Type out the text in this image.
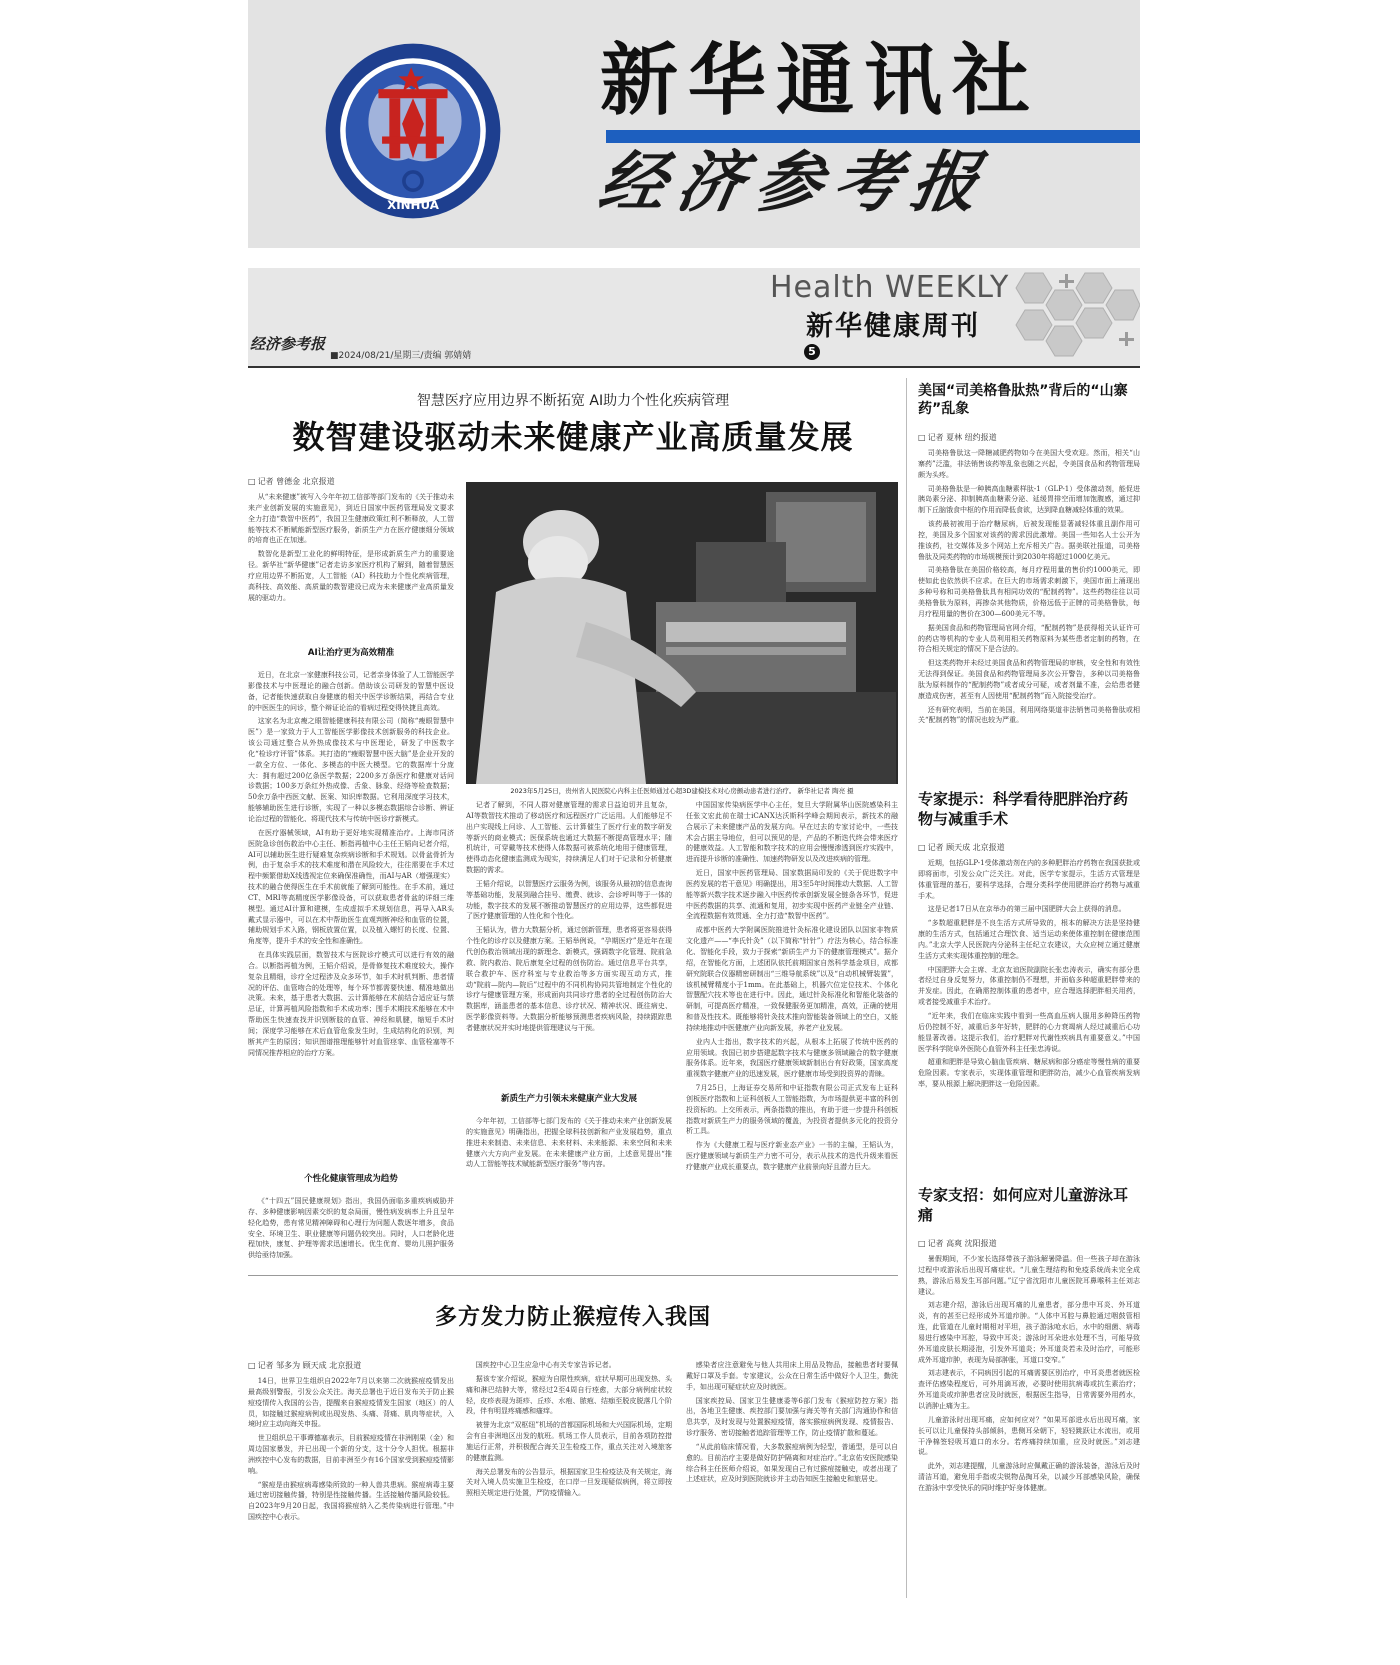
XINHUA
新华通讯社
经济参考报
Health WEEKLY
新华健康周刊
5
经济参考报
■2024/08/21/星期三/责编 郭婧婧
智慧医疗应用边界不断拓宽 AI助力个性化疾病管理
数智建设驱动未来健康产业高质量发展
□ 记者 曾德金 北京报道

从“未来健康”被写入今年年初工信部等部门发布的《关于推动未来产业创新发展的实施意见》，到近日国家中医药管理局发文要求全力打造“数智中医药”，我国卫生健康政策红利不断释放，人工智能等技术不断赋能新型医疗服务，新质生产力在医疗健康细分领域的培育也正在加速。

数智化是新型工业化的鲜明特征，是形成新质生产力的重要途径。新华社“新华健康”记者走访多家医疗机构了解到，随着智慧医疗应用边界不断拓宽，人工智能（AI）科技助力个性化疾病管理，高科技、高效能、高质量的数智建设已成为未来健康产业高质量发展的驱动力。

AI让治疗更为高效精准

近日，在北京一家健康科技公司，记者亲身体验了人工智能医学影像技术与中医理论的融合创新。借助该公司研发的智慧中医设备，记者能快速获取自身健康的相关中医学诊断结果，再结合专业的中医医生的问诊，整个辩证论治的看病过程变得快捷且高效。

这家名为北京瘦之眼智能健康科技有限公司（简称“瘦眼智慧中医”）是一家致力于人工智能医学影像技术创新服务的科技企业。该公司通过整合从外热成像技术与中医理论，研发了中医数字化“检诊疗评管”体系。其打造的“瘦眼智慧中医大脑”是企业开发的一款全方位、一体化、多模态的中医大模型。它的数据库十分庞大：拥有超过200亿条医学数据；2200多万条医疗和健康对话问诊数据；100多万条红外热成像、舌象、脉象、经络等检查数据；50余万条中西医文献、医案、知识库数据。它利用深度学习技术，能够辅助医生进行诊断，实现了一种以多模态数据综合诊断、辨证论治过程的智能化、将现代技术与传统中医诊疗新模式。

在医疗器械领域，AI有助于更好地实现精准治疗。上海市同济医院急诊创伤救治中心主任、断指再植中心主任王韬向记者介绍，AI可以辅助医生进行疑难复杂疾病诊断和手术规划。以骨盆骨折为例，由于复杂手术的技术难度和潜在风险较大，往往需要在手术过程中频繁借助X线透视定位来确保准确性，而AI与AR（增强现实）技术的融合使得医生在手术前就能了解到可能性。在手术前，通过CT、MRI等高精度医学影像设备，可以获取患者骨盆的详细三维模型。通过AI计算和建模，生成虚拟手术规划信息，再导入AR头戴式显示器中，可以在术中帮助医生直观判断神经和血管的位置，辅助规划手术入路，钢板放置位置，以及植入螺钉的长度、位置、角度等，提升手术的安全性和准确性。

在具体实践层面，数智技术与医院诊疗模式可以进行有效的融合。以断指再植为例，王韬介绍说，是骨修复技术难度较大，操作复杂且精细，诊疗全过程涉及众多环节，如手术时机判断、患者情况的评估、血管吻合的处理等，每个环节都需要快速、精准地做出决策。未来，基于患者大数据、云计算能够在术前结合适应证与禁忌证，计算再植风险指数和手术成功率；围手术期技术能够在术中帮助医生快速查找并识别断肢的血管、神经和肌腱，缩短手术时间；深度学习能够在术后血管危象发生时，生成结构化的识别，判断其产生的原因；知识图谱推理能够针对血管痉挛、血管栓塞等不同情况推荐相应的治疗方案。

个性化健康管理成为趋势

《“十四五”国民健康规划》指出，我国仍面临多重疾病威胁并存、多种健康影响因素交织的复杂局面，慢性病发病率上升且呈年轻化趋势，患有常见精神障碍和心理行为问题人数逐年增多，食品安全、环境卫生、职业健康等问题仍较突出。同时，人口老龄化进程加快，康复、护理等需求迅速增长。优生优育、婴幼儿照护服务供给亟待加强。

2023年5月25日，贵州省人民医院心内科主任医师通过心超3D建模技术对心房颤动患者进行治疗。 新华社记者 陶亮 摄

记者了解到，不同人群对健康管理的需求日益迫切并且复杂，AI等数智技术推动了移动医疗和远程医疗广泛运用。人们能够足不出户实现线上问诊、人工智能、云计算催生了医疗行业的数字研发等新兴的商业模式；医保系统也通过大数据不断提高管理水平；随机统计，可穿戴等技术使得人体数据可被系统化地用于健康管理，使得动态化健康监测成为现实，持续满足人们对于记录和分析健康数据的需求。

王韬介绍说，以智慧医疗云服务为例，该服务从最初的信息查询等基础功能，发展到融合挂号、缴费、就诊、会诊呼叫等于一体的功能，数字技术的发展不断推动智慧医疗的应用边界，这些都促进了医疗健康管理的人性化和个性化。

王韬认为，借力大数据分析，通过创新管理，患者将更容易获得个性化的诊疗以及健康方案。王韬举例说，“孕期医疗”是近年在现代创伤救治领域出现的新理念、新模式，强调数字化管理、院前急救、院内救治、院后康复全过程的创伤防治。通过信息平台共享，联合救护车、医疗科室与专业救治等多方面实现互动方式，推动“院前—院内—院后”过程中的不同机构协同共管地制定个性化的诊疗与健康管理方案，形成面向共同诊疗患者的全过程创伤防治大数据库，涵盖患者的基本信息、诊疗状况、精神状况、既往病史、医学影像资料等。大数据分析能够预测患者疾病风险，持续跟踪患者健康状况并实时地提供管理建议与干预。

新质生产力引领未来健康产业大发展

今年年初，工信部等七部门发布的《关于推动未来产业创新发展的实施意见》明确指出，把握全球科技创新和产业发展趋势，重点推进未来制造、未来信息、未来材料、未来能源、未来空间和未来健康六大方向产业发展。在未来健康产业方面，上述意见提出“推动人工智能等技术赋能新型医疗服务”等内容。

中国国家传染病医学中心主任，复旦大学附属华山医院感染科主任张文宏此前在瑞士iCANX达沃斯科学峰会期间表示，新技术的融合展示了未来健康产品的发展方向。早在过去的专家讨论中，一些技术会占据主导地位，但可以预见的是，产品的不断迭代终会带来医疗的健康效益。人工智能和数字技术的应用会慢慢渗透到医疗实践中，进而提升诊断的准确性、加速药物研发以及改进疾病的管理。

近日，国家中医药管理局、国家数据局印发的《关于促进数字中医药发展的若干意见》明确提出，用3至5年时间推动大数据、人工智能等新兴数字技术逐步融入中医药传承创新发展全链条各环节，促进中医药数据的共享、流通和复用，初步实现中医药产业链全产业链、全流程数据有效贯通、全力打造“数智中医药”。

成都中医药大学附属医院推进针灸标准化建设团队以国家非物质文化遗产——“李氏针灸”（以下简称“针针”）疗法为核心，结合标准化、智能化手段，致力于探索“新质生产力下的健康管理模式”。据介绍，在智能化方面，上述团队依托前期国家自然科学基金项目，成都研究院联合仪器精密研制出“三维导航系统”以及“自动机械臂装置”，该机械臂精度小于1mm。在此基础上，机器穴位定位技术、个体化智慧配穴技术等也在进行中。因此，通过针灸标准化和智能化装备的研制，可提高医疗精准，一致保健服务更加精准，高效，正确的使用和普及性技术。既能够将针灸技术推向智能装备领域上的空白，又能持续地推动中医健康产业向新发展，养老产业发展。

业内人士指出，数字技术的兴起，从根本上拓展了传统中医药的应用领域。我国已初步搭建起数字技术与健康多领域融合的数字健康服务体系。近年来，我国医疗健康领域新制出台有好政策，国家高度重视数字健康产业的迅速发展，医疗健康市场受到投资界的青睐。

7月25日，上海证券交易所和中证指数有限公司正式发布上证科创板医疗指数和上证科创板人工智能指数，为市场提供更丰富的科创投资标的。上交所表示，两条指数的推出，有助于进一步提升科创板指数对新质生产力的服务领域的覆盖，为投资者提供多元化的投资分析工具。

作为《大健康工程与医疗新业态产业》一书的主编，王韬认为，医疗健康领域与新质生产力密不可分，表示从技术的迭代升级来看医疗健康产业成长重要点，数字健康产业前景向好且潜力巨大。

多方发力防止猴痘传入我国
□ 记者 邹多为 顾天成 北京报道

14日，世界卫生组织自2022年7月以来第二次就猴痘疫情发出最高级别警报，引发公众关注。海关总署也于近日发布关于防止猴痘疫情传入我国的公告，提醒来自猴痘疫情发生国家（地区）的人员，如接触过猴痘病例或出现发热、头痛、背痛、肌肉等症状，入境时应主动向海关申报。

世卫组织总干事谭德塞表示，目前猴痘疫情在非洲刚果（金）和周边国家暴发，并已出现一个新的分支，这十分令人担忧。根据非洲疾控中心发布的数据，目前非洲至少有16个国家受到猴痘疫情影响。

“猴痘是由猴痘病毒感染所致的一种人兽共患病。猴痘病毒主要通过密切接触传播，特别是性接触传播。生活接触传播风险较低。自2023年9月20日起，我国将猴痘纳入乙类传染病进行管理。”中国疾控中心表示。

国疾控中心卫生应急中心有关专家告诉记者。

据该专家介绍说，猴痘为自限性疾病，症状早期可出现发热、头痛和淋巴结肿大等，常经过2至4周自行痊愈，大部分病例症状较轻，皮疹表现为斑疹、丘疹、水疱、脓疱、结痂至脱皮脱落几个阶段，伴有明显疼痛感和瘙痒。

被誉为北京“双枢纽”机场的首都国际机场和大兴国际机场，定期会有自非洲地区出发的航班。机场工作人员表示，目前各项防控措施运行正常，并积极配合海关卫生检疫工作，重点关注对入境旅客的健康监测。

海关总署发布的公告显示，根据国家卫生检疫法及有关规定，海关对入境人员实施卫生检疫，在口岸一旦发现疑似病例，将立即按照相关规定进行处置，严防疫情输入。

感染者应注意避免与他人共用床上用品及物品，接触患者时要佩戴好口罩及手套。专家建议，公众在日常生活中做好个人卫生，勤洗手，如出现可疑症状应及时就医。

国家疾控局、国家卫生健康委等6部门发布《猴痘防控方案》指出，各地卫生健康、疾控部门要加强与海关等有关部门沟通协作和信息共享，及时发现与处置猴痘疫情，落实猴痘病例发现、疫情报告、诊疗服务、密切接触者追踪管理等工作，防止疫情扩散和蔓延。

“从此前临床情况看，大多数猴痘病例为轻型，普通型，是可以自愈的。目前治疗主要是做好防护隔离和对症治疗。”北京佑安医院感染综合科主任医师介绍说，如果发现自己有过猴痘接触史，或者出现了上述症状，应及时到医院就诊并主动告知医生接触史和旅居史。

美国“司美格鲁肽热”背后的“山寨药”乱象
□ 记者 夏林 纽约报道

司美格鲁肽这一降糖减肥药物如今在美国大受欢迎。然而，相关“山寨药”泛滥，非法销售该药等乱象也随之兴起，令美国食品和药物管理局颇为头疼。

司美格鲁肽是一种胰高血糖素样肽-1（GLP-1）受体激动剂，能促进胰岛素分泌、抑制胰高血糖素分泌、延缓胃排空而增加饱腹感，通过抑制下丘脑饿食中枢的作用而降低食欲，达到降血糖减轻体重的效果。

该药最初被用于治疗糖尿病，后被发现能显著减轻体重且副作用可控，美国及多个国家对该药的需求因此激增。美国一些知名人士公开为推该药，社交媒体及多个网站上充斥相关广告。据美联社报道，司美格鲁肽及同类药物的市场规模预计到2030年将超过1000亿美元。

司美格鲁肽在美国价格较高，每月疗程用量的售价约1000美元，即使如此也依然供不应求。在巨大的市场需求刺激下，美国市面上涌现出多种号称和司美格鲁肽具有相同功效的“配制药物”。这些药物往往以司美格鲁肽为原料，再掺杂其他物质，价格远低于正牌的司美格鲁肽，每月疗程用量的售价在300—600美元不等。

据美国食品和药物管理局官网介绍，“配制药物”是获得相关认证许可的药店等机构的专业人员利用相关药物原料为某些患者定制的药物，在符合相关规定的情况下是合法的。

但这类药物并未经过美国食品和药物管理局的审核，安全性和有效性无法得到保证。美国食品和药物管理局多次公开警告，多种以司美格鲁肽为原料制作的“配制药物”或者成分可疑，或者剂量不准，会给患者健康造成伤害，甚至有人因使用“配制药物”而入院接受治疗。

还有研究表明，当前在美国，利用网络渠道非法销售司美格鲁肽或相关“配制药物”的情况也较为严重。

专家提示：科学看待肥胖治疗药物与减重手术
□ 记者 顾天成 北京报道

近期，包括GLP-1受体激动剂在内的多种肥胖治疗药物在我国获批或即将面市，引发公众广泛关注。对此，医学专家提示，生活方式管理是体重管理的基石，要科学选择，合理分类科学使用肥胖治疗药物与减重手术。

这是记者17日从在京举办的第三届中国肥胖大会上获得的消息。

“多数超重肥胖是不良生活方式所导致的，根本的解决方法是坚持健康的生活方式，包括通过合理饮食、适当运动来使体重控制在健康范围内。”北京大学人民医院内分泌科主任纪立农建议，大众应树立通过健康生活方式来实现体重控制的理念。

中国肥胖大会主席、北京友谊医院副院长张忠涛表示，确实有部分患者经过自身反复努力，体重控制仍不理想，并面临多种超重肥胖带来的并发症。因此，在确需控制体重的患者中，应合理选择肥胖相关用药，或者接受减重手术治疗。

“近年来，我们在临床实践中看到一些高血压病人服用多种降压药物后仍控制不好，减重后多年好转，肥胖的心力衰竭病人经过减重后心功能显著改善。这提示我们，治疗肥胖对代谢性疾病具有重要意义。”中国医学科学院阜外医院心血管外科主任张忠涛说。

超重和肥胖是导致心脑血管疾病、糖尿病和部分癌症等慢性病的重要危险因素。专家表示，实现体重管理和肥胖防治，减少心血管疾病发病率，要从根源上解决肥胖这一危险因素。

专家支招：如何应对儿童游泳耳痛
□ 记者 高爽 沈阳报道

暑假期间，不少家长选择带孩子游泳解暑降温。但一些孩子却在游泳过程中或游泳后出现耳痛症状。“儿童生理结构和免疫系统尚未完全成熟，游泳后易发生耳部问题。”辽宁省沈阳市儿童医院耳鼻喉科主任刘志建议。

刘志建介绍，游泳后出现耳痛的儿童患者，部分患中耳炎、外耳道炎，有的甚至已经形成外耳道疖肿。“人体中耳腔与鼻腔通过咽鼓管相连，此管道在儿童时期相对平坦，孩子游泳呛水后，水中的细菌、病毒易进行感染中耳腔，导致中耳炎；游泳时耳朵进水处理不当，可能导致外耳道皮肤长期浸泡，引发外耳道炎；外耳道炎若未及时治疗，可能形成外耳道疖肿，表现为局部肿胀，耳道口变窄。”

刘志建表示，不同病因引起的耳痛需要区别治疗，中耳炎患者就医检查评估感染程度后，可外用滴耳液，必要时使用抗病毒或抗生素治疗；外耳道炎或疖肿患者应及时就医，根据医生指导，日常需要外用药水，以消肿止痛为主。

儿童游泳时出现耳痛，应如何应对？“如果耳部进水后出现耳痛，家长可以让儿童保持头部倾斜，患侧耳朵朝下，轻轻跳跃让水流出，或用干净棉签轻吸耳道口的水分。若疼痛持续加重，应及时就医。”刘志建说。

此外，刘志建提醒，儿童游泳时应佩戴正确的游泳装备，游泳后及时清洁耳道，避免用手指或尖锐物品掏耳朵，以减少耳部感染风险，确保在游泳中享受快乐的同时维护好身体健康。
